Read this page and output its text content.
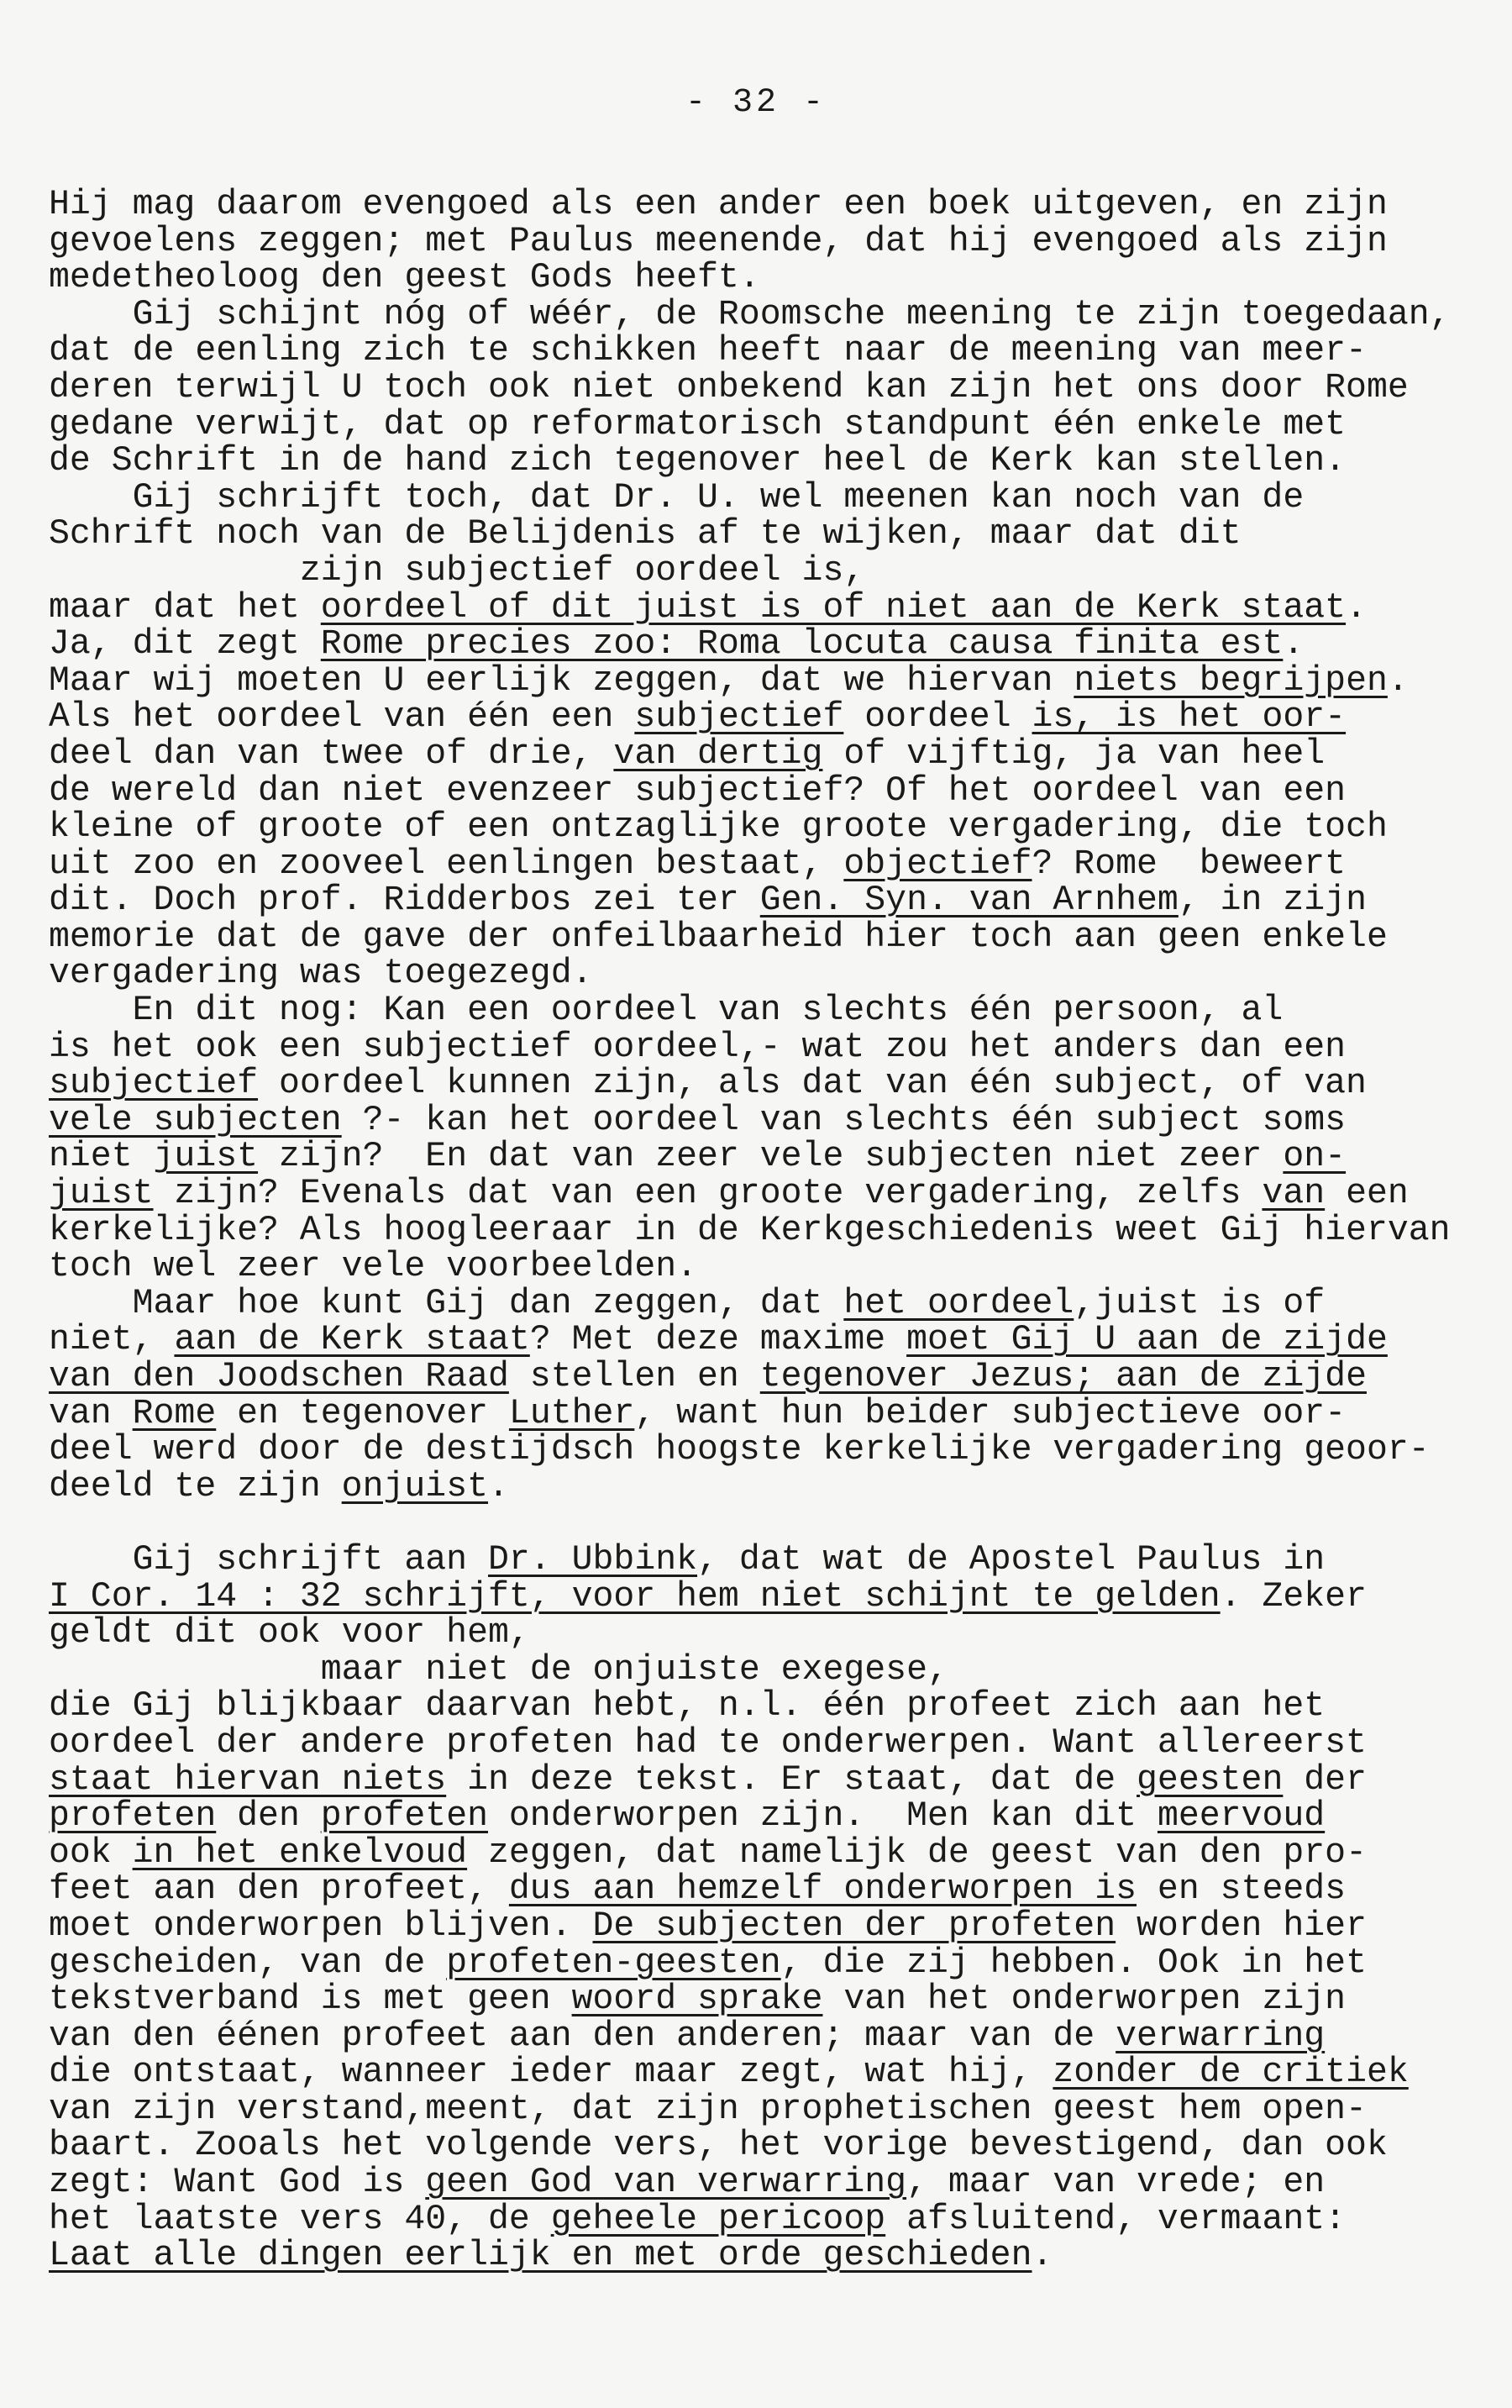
- 32 -
Hij mag daarom evengoed als een ander een boek uitgeven, en zijn
gevoelens zeggen; met Paulus meenende, dat hij evengoed als zijn
medetheoloog den geest Gods heeft.
Gij schijnt nóg of wéér, de Roomsche meening te zijn toegedaan,
dat de eenling zich te schikken heeft naar de meening van meer-
deren terwijl U toch ook niet onbekend kan zijn het ons door Rome
gedane verwijt, dat op reformatorisch standpunt één enkele met
de Schrift in de hand zich tegenover heel de Kerk kan stellen.
Gij schrijft toch, dat Dr. U. wel meenen kan noch van de
Schrift noch van de Belijdenis af te wijken, maar dat dit
zijn subjectief oordeel is,
maar dat het oordeel of dit juist is of niet aan de Kerk staat.
Ja, dit zegt Rome precies zoo: Roma locuta causa finita est.
Maar wij moeten U eerlijk zeggen, dat we hiervan niets begrijpen.
Als het oordeel van één een subjectief oordeel is, is het oor-
deel dan van twee of drie, van dertig of vijftig, ja van heel
de wereld dan niet evenzeer subjectief? Of het oordeel van een
kleine of groote of een ontzaglijke groote vergadering, die toch
uit zoo en zooveel eenlingen bestaat, objectief? Rome  beweert
dit. Doch prof. Ridderbos zei ter Gen. Syn. van Arnhem, in zijn
memorie dat de gave der onfeilbaarheid hier toch aan geen enkele
vergadering was toegezegd.
En dit nog: Kan een oordeel van slechts één persoon, al
is het ook een subjectief oordeel,- wat zou het anders dan een
subjectief oordeel kunnen zijn, als dat van één subject, of van
vele subjecten ?- kan het oordeel van slechts één subject soms
niet juist zijn?  En dat van zeer vele subjecten niet zeer on-
juist zijn? Evenals dat van een groote vergadering, zelfs van een
kerkelijke? Als hoogleeraar in de Kerkgeschiedenis weet Gij hiervan
toch wel zeer vele voorbeelden.
Maar hoe kunt Gij dan zeggen, dat het oordeel,juist is of
niet, aan de Kerk staat? Met deze maxime moet Gij U aan de zijde
van den Joodschen Raad stellen en tegenover Jezus; aan de zijde
van Rome en tegenover Luther, want hun beider subjectieve oor-
deel werd door de destijdsch hoogste kerkelijke vergadering geoor-
deeld te zijn onjuist.
Gij schrijft aan Dr. Ubbink, dat wat de Apostel Paulus in
I Cor. 14 : 32 schrijft, voor hem niet schijnt te gelden. Zeker
geldt dit ook voor hem,
maar niet de onjuiste exegese,
die Gij blijkbaar daarvan hebt, n.l. één profeet zich aan het
oordeel der andere profeten had te onderwerpen. Want allereerst
staat hiervan niets in deze tekst. Er staat, dat de geesten der
profeten den profeten onderworpen zijn.  Men kan dit meervoud
ook in het enkelvoud zeggen, dat namelijk de geest van den pro-
feet aan den profeet, dus aan hemzelf onderworpen is en steeds
moet onderworpen blijven. De subjecten der profeten worden hier
gescheiden, van de profeten-geesten, die zij hebben. Ook in het
tekstverband is met geen woord sprake van het onderworpen zijn
van den éénen profeet aan den anderen; maar van de verwarring
die ontstaat, wanneer ieder maar zegt, wat hij, zonder de critiek
van zijn verstand,meent, dat zijn prophetischen geest hem open-
baart. Zooals het volgende vers, het vorige bevestigend, dan ook
zegt: Want God is geen God van verwarring, maar van vrede; en
het laatste vers 40, de geheele pericoop afsluitend, vermaant:
Laat alle dingen eerlijk en met orde geschieden.
